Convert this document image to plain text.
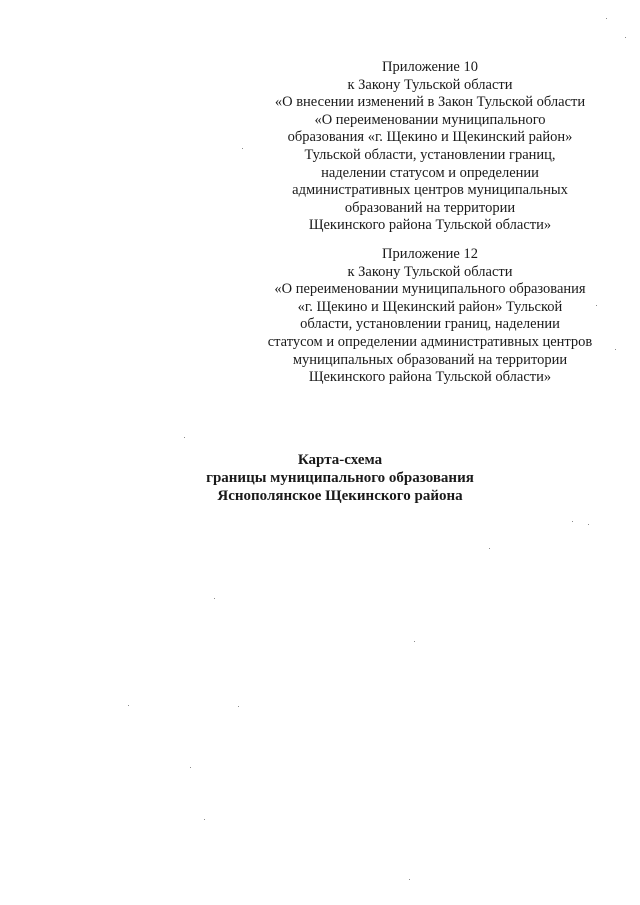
Приложение 10
к Закону Тульской области
«О внесении изменений в Закон Тульской области
«О переименовании муниципального
образования «г. Щекино и Щекинский район»
Тульской области, установлении границ,
наделении статусом и определении
административных центров муниципальных
образований на территории
Щекинского района Тульской области»
Приложение 12
к Закону Тульской области
«О переименовании муниципального образования
«г. Щекино и Щекинский район» Тульской
области, установлении границ, наделении
статусом и определении административных центров
муниципальных образований на территории
Щекинского района Тульской области»
Карта-схема
границы муниципального образования
Яснополянское Щекинского района
